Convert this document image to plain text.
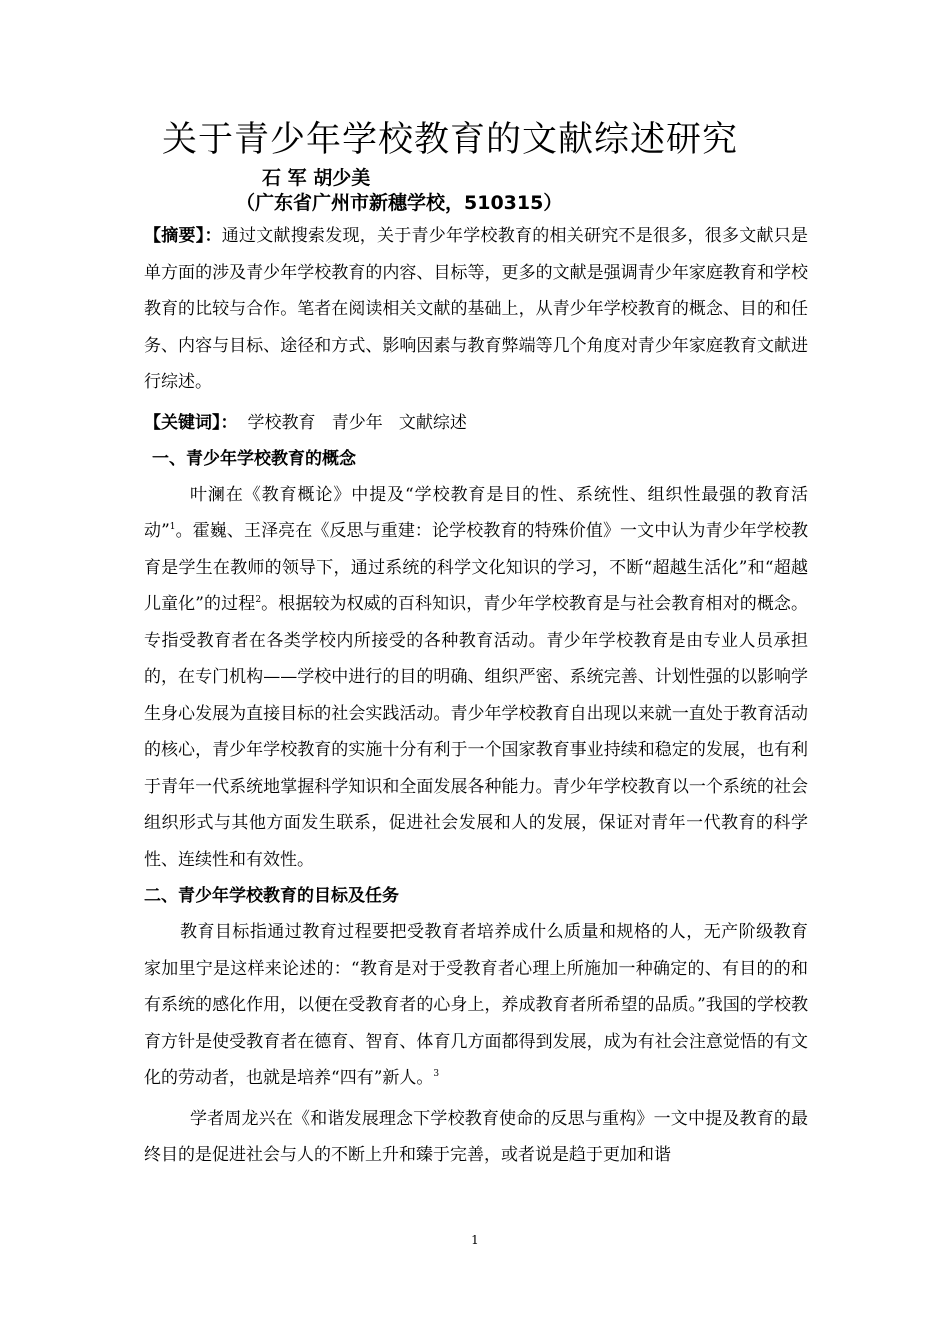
关于青少年学校教育的文献综述研究
石 军 胡少美
（广东省广州市新穗学校，510315）

【摘要】：通过文献搜索发现，关于青少年学校教育的相关研究不是很多，很多文献只是单方面的涉及青少年学校教育的内容、目标等，更多的文献是强调青少年家庭教育和学校教育的比较与合作。笔者在阅读相关文献的基础上，从青少年学校教育的概念、目的和任务、内容与目标、途径和方式、影响因素与教育弊端等几个角度对青少年家庭教育文献进行综述。

【关键词】： 学校教育   青少年   文献综述

一、青少年学校教育的概念

叶澜在《教育概论》中提及“学校教育是目的性、系统性、组织性最强的教育活动”$^1$。霍巍、王泽亮在《反思与重建：论学校教育的特殊价值》一文中认为青少年学校教育是学生在教师的领导下，通过系统的科学文化知识的学习，不断“超越生活化”和“超越儿童化”的过程$^2$。根据较为权威的百科知识，青少年学校教育是与社会教育相对的概念。专指受教育者在各类学校内所接受的各种教育活动。青少年学校教育是由专业人员承担的，在专门机构——学校中进行的目的明确、组织严密、系统完善、计划性强的以影响学生身心发展为直接目标的社会实践活动。青少年学校教育自出现以来就一直处于教育活动的核心，青少年学校教育的实施十分有利于一个国家教育事业持续和稳定的发展，也有利于青年一代系统地掌握科学知识和全面发展各种能力。青少年学校教育以一个系统的社会组织形式与其他方面发生联系，促进社会发展和人的发展，保证对青年一代教育的科学性、连续性和有效性。

二、青少年学校教育的目标及任务

教育目标指通过教育过程要把受教育者培养成什么质量和规格的人，无产阶级教育家加里宁是这样来论述的：“教育是对于受教育者心理上所施加一种确定的、有目的的和有系统的感化作用，以便在受教育者的心身上，养成教育者所希望的品质。”我国的学校教育方针是使受教育者在德育、智育、体育几方面都得到发展，成为有社会注意觉悟的有文化的劳动者，也就是培养“四有”新人。$^3$

学者周龙兴在《和谐发展理念下学校教育使命的反思与重构》一文中提及教育的最终目的是促进社会与人的不断上升和臻于完善，或者说是趋于更加和谐

1
